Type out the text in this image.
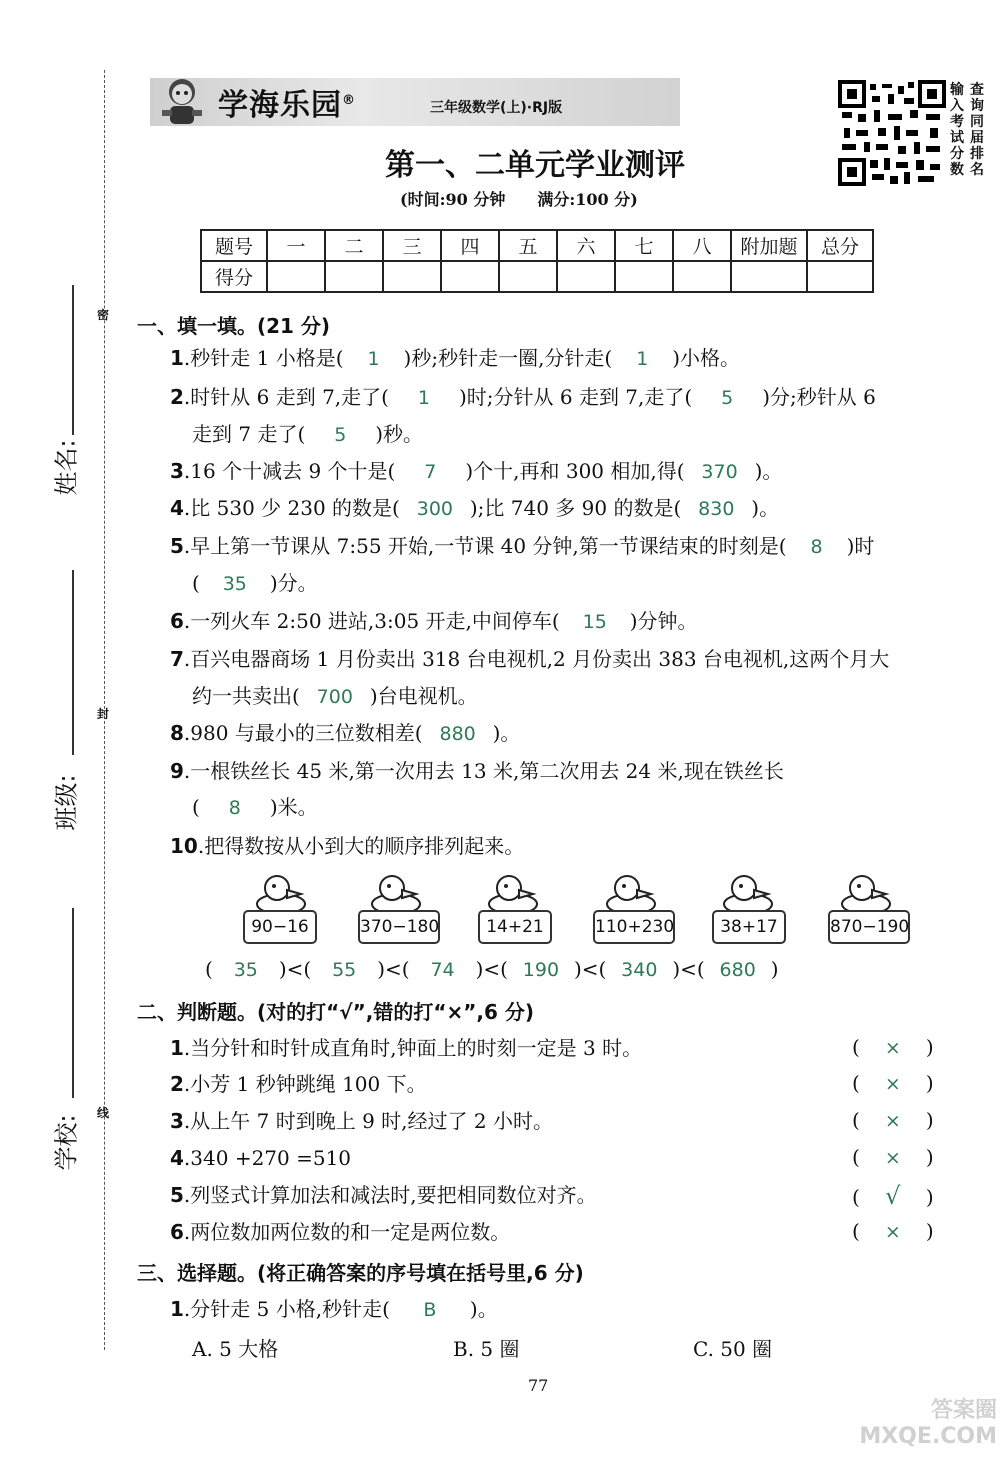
学海乐园®	三年级数学(上)·RJ版
输入考试分数
查询同届排名
第一、二单元学业测评
(时间:90 分钟　　满分:100 分)
题号	一	二	三	四	五	六	七	八	附加题	总分
得分										
姓名:
班级:
学校:
密
封
线
一、填一填。(21 分)
1.秒针走 1 小格是( 1 )秒;秒针走一圈,分针走( 1 )小格。
2.时针从 6 走到 7,走了( 1 )时;分针从 6 走到 7,走了( 5 )分;秒针从 6
走到 7 走了( 5 )秒。
3.16 个十减去 9 个十是( 7 )个十,再和 300 相加,得( 370 )。
4.比 530 少 230 的数是( 300 );比 740 多 90 的数是( 830 )。
5.早上第一节课从 7:55 开始,一节课 40 分钟,第一节课结束的时刻是( 8 )时
( 35 )分。
6.一列火车 2:50 进站,3:05 开走,中间停车( 15 )分钟。
7.百兴电器商场 1 月份卖出 318 台电视机,2 月份卖出 383 台电视机,这两个月大
约一共卖出( 700 )台电视机。
8.980 与最小的三位数相差( 880 )。
9.一根铁丝长 45 米,第一次用去 13 米,第二次用去 24 米,现在铁丝长
( 8 )米。
10.把得数按从小到大的顺序排列起来。
90−16	370−180	14+21	110+230	38+17	870−190
( 35 )<( 55 )<( 74 )<( 190 )<( 340 )<( 680 )
二、判断题。(对的打“√”,错的打“×”,6 分)
1.当分针和时针成直角时,钟面上的时刻一定是 3 时。	( × )
2.小芳 1 秒钟跳绳 100 下。	( × )
3.从上午 7 时到晚上 9 时,经过了 2 小时。	( × )
4.340 +270 =510	( × )
5.列竖式计算加法和减法时,要把相同数位对齐。	( √ )
6.两位数加两位数的和一定是两位数。	( × )
三、选择题。(将正确答案的序号填在括号里,6 分)
1.分针走 5 小格,秒针走( B )。
A. 5 大格	B. 5 圈	C. 50 圈
77
答案圈 MXQE.COM
